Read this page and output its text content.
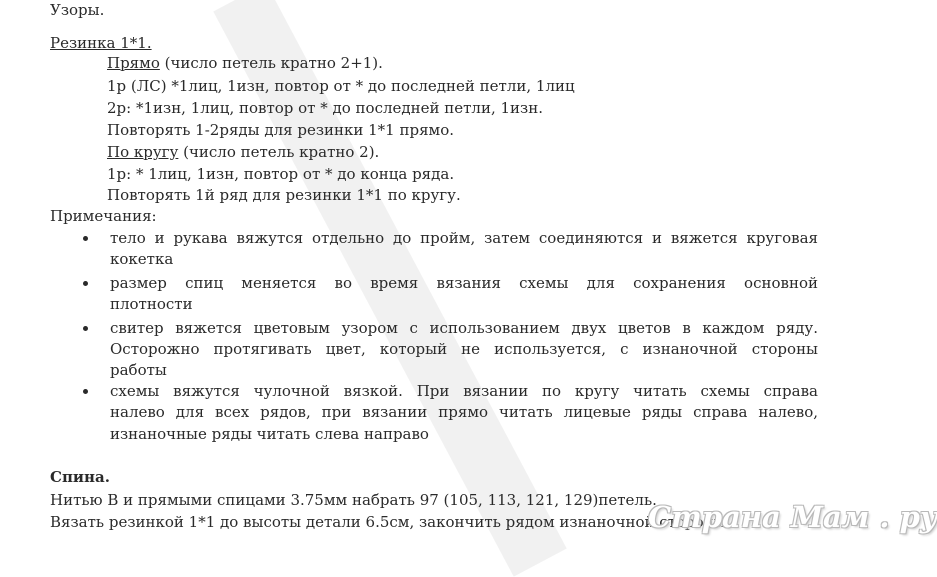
Узоры.
Резинка 1*1.
Прямо (число петель кратно 2+1).
1р (ЛС) *1лиц, 1изн, повтор от * до последней петли, 1лиц
2р: *1изн, 1лиц, повтор от * до последней петли, 1изн.
Повторять 1-2ряды для резинки 1*1 прямо.
По кругу (число петель кратно 2).
1р: * 1лиц, 1изн, повтор от * до конца ряда.
Повторять 1й ряд для резинки 1*1 по кругу.
Примечания:
тело и рукава вяжутся отдельно до пройм, затем соединяются и вяжется круговая
кокетка
размер спиц меняется во время вязания схемы для сохранения основной
плотности
свитер вяжется цветовым узором с использованием двух цветов в каждом ряду.
Осторожно протягивать цвет, который не используется, с изнаночной стороны
работы
схемы вяжутся чулочной вязкой. При вязании по кругу читать схемы справа
налево для всех рядов, при вязании прямо читать лицевые ряды справа налево,
изнаночные ряды читать слева направо
Спина.
Нитью В и прямыми спицами 3.75мм набрать 97 (105, 113, 121, 129)петель.
Вязать резинкой 1*1 до высоты детали 6.5см, закончить рядом изнаночной стороны.
Страна Мам . ру
